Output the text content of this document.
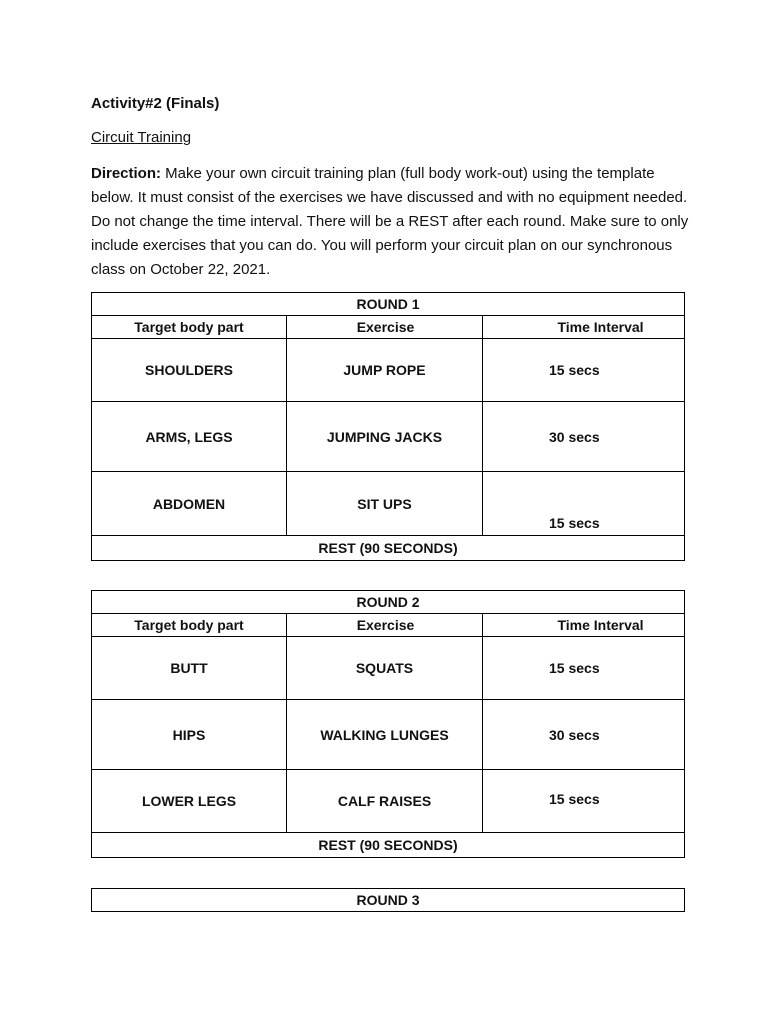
Activity#2 (Finals)
Circuit Training
Direction: Make your own circuit training plan (full body work-out) using the template below. It must consist of the exercises we have discussed and with no equipment needed. Do not change the time interval. There will be a REST after each round. Make sure to only include exercises that you can do. You will perform your circuit plan on our synchronous class on October 22, 2021.
ROUND 1		
Target body part	Exercise	Time Interval
SHOULDERS	JUMP ROPE	15 secs
ARMS, LEGS	JUMPING JACKS	30 secs
ABDOMEN	SIT UPS	15 secs
REST (90 SECONDS)		
ROUND 2		
Target body part	Exercise	Time Interval
BUTT	SQUATS	15 secs
HIPS	WALKING LUNGES	30 secs
LOWER LEGS	CALF RAISES	15 secs
REST (90 SECONDS)		
ROUND 3
